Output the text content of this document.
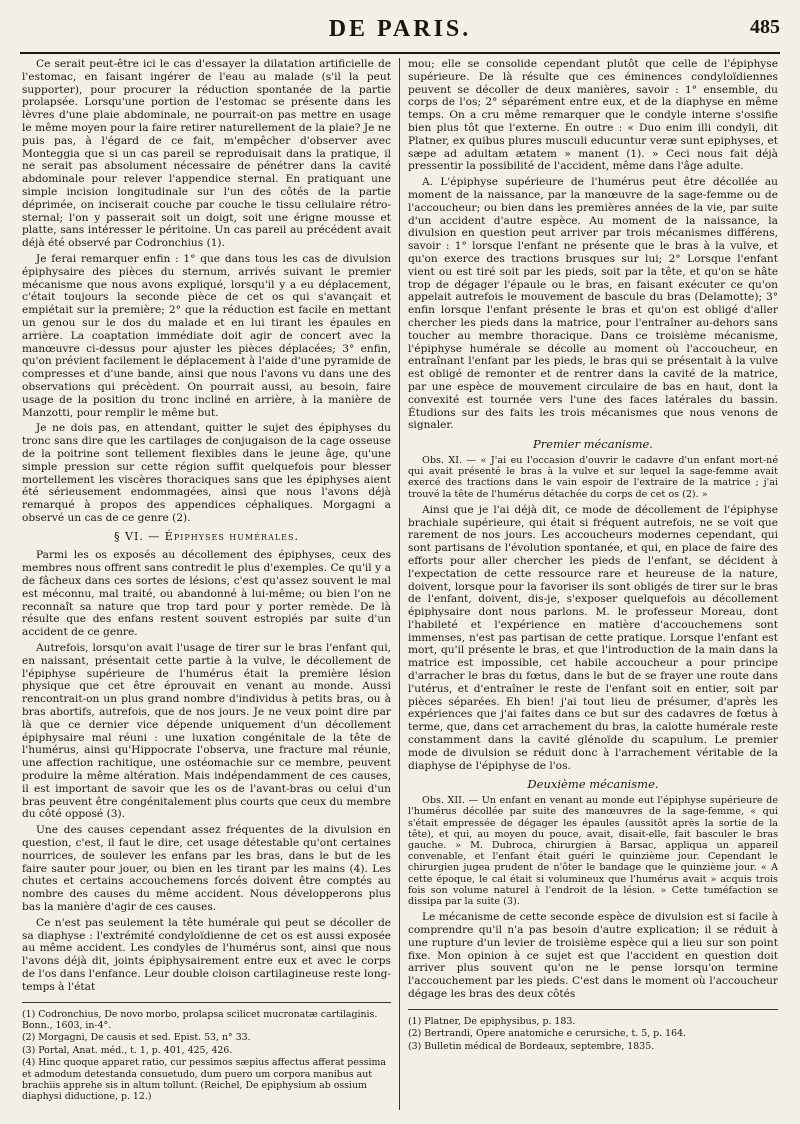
DE PARIS.	485

Ce serait peut-être ici le cas d'essayer la dilatation artificielle de l'estomac, en faisant ingérer de l'eau au malade (s'il la peut supporter), pour procurer la réduction spontanée de la partie prolapsée. Lorsqu'une portion de l'estomac se présente dans les lèvres d'une plaie abdominale, ne pourrait-on pas mettre en usage le même moyen pour la faire retirer naturellement de la plaie? Je ne puis pas, à l'égard de ce fait, m'empêcher d'observer avec Monteggia que si un cas pareil se reproduisait dans la pratique, il ne serait pas absolument nécessaire de pénétrer dans la cavité abdominale pour relever l'appendice sternal. En pratiquant une simple incision longitudinale sur l'un des côtés de la partie déprimée, on inciserait couche par couche le tissu cellulaire rétro-sternal; l'on y passerait soit un doigt, soit une érigne mousse et platte, sans intéresser le péritoine. Un cas pareil au précédent avait déjà été observé par Codronchius (1).

Je ferai remarquer enfin : 1° que dans tous les cas de divulsion épiphysaire des pièces du sternum, arrivés suivant le premier mécanisme que nous avons expliqué, lorsqu'il y a eu déplacement, c'était toujours la seconde pièce de cet os qui s'avançait et empiétait sur la première; 2° que la réduction est facile en mettant un genou sur le dos du malade et en lui tirant les épaules en arrière. La coaptation immédiate doit agir de concert avec la manœuvre ci-dessus pour ajuster les pièces déplacées; 3° enfin, qu'on prévient facilement le déplacement à l'aide d'une pyramide de compresses et d'une bande, ainsi que nous l'avons vu dans une des observations qui précèdent. On pourrait aussi, au besoin, faire usage de la position du tronc incliné en arrière, à la manière de Manzotti, pour remplir le même but.

Je ne dois pas, en attendant, quitter le sujet des épiphyses du tronc sans dire que les cartilages de conjugaison de la cage osseuse de la poitrine sont tellement flexibles dans le jeune âge, qu'une simple pression sur cette région suffit quelquefois pour blesser mortellement les viscères thoraciques sans que les épiphyses aient été sérieusement endommagées, ainsi que nous l'avons déjà remarqué à propos des appendices céphaliques. Morgagni a observé un cas de ce genre (2).

§ VI. — Épiphyses humérales.

Parmi les os exposés au décollement des épiphyses, ceux des membres nous offrent sans contredit le plus d'exemples. Ce qu'il y a de fâcheux dans ces sortes de lésions, c'est qu'assez souvent le mal est méconnu, mal traité, ou abandonné à lui-même; ou bien l'on ne reconnaît sa nature que trop tard pour y porter remède. De là résulte que des enfans restent souvent estropiés par suite d'un accident de ce genre.

Autrefois, lorsqu'on avait l'usage de tirer sur le bras l'enfant qui, en naissant, présentait cette partie à la vulve, le décollement de l'épiphyse supérieure de l'humérus était la première lésion physique que cet être éprouvait en venant au monde. Aussi rencontrait-on un plus grand nombre d'individus à petits bras, ou à bras abortifs, autrefois, que de nos jours. Je ne veux point dire par là que ce dernier vice dépende uniquement d'un décollement épiphysaire mal réuni : une luxation congénitale de la tête de l'humérus, ainsi qu'Hippocrate l'observa, une fracture mal réunie, une affection rachitique, une ostéomachie sur ce membre, peuvent produire la même altération. Mais indépendamment de ces causes, il est important de savoir que les os de l'avant-bras ou celui d'un bras peuvent être congénitalement plus courts que ceux du membre du côté opposé (3).

Une des causes cependant assez fréquentes de la divulsion en question, c'est, il faut le dire, cet usage détestable qu'ont certaines nourrices, de soulever les enfans par les bras, dans le but de les faire sauter pour jouer, ou bien en les tirant par les mains (4). Les chutes et certains accouchemens forcés doivent être comptés au nombre des causes du même accident. Nous développerons plus bas la manière d'agir de ces causes.

Ce n'est pas seulement la tête humérale qui peut se décoller de sa diaphyse : l'extrémité condyloïdienne de cet os est aussi exposée au même accident. Les condyles de l'humérus sont, ainsi que nous l'avons déjà dit, joints épiphysairement entre eux et avec le corps de l'os dans l'enfance. Leur double cloison cartilagineuse reste long-temps à l'état

(1) Codronchius, De novo morbo, prolapsa scilicet mucronatæ cartilaginis. Bonn., 1603, in-4°.
(2) Morgagni, De causis et sed. Epist. 53, n° 33.
(3) Portal, Anat. méd., t. 1, p. 401, 425, 426.
(4) Hinc quoque apparet ratio, cur pessimos sæpius affectus afferat pessima et admodum detestanda consuetudo, dum puero um corpora manibus aut brachiis apprehe sis in altum tollunt. (Reichel, De epiphysium ab ossium diaphysi diductione, p. 12.)

mou; elle se consolide cependant plutôt que celle de l'épiphyse supérieure. De là résulte que ces éminences condyloïdiennes peuvent se décoller de deux manières, savoir : 1° ensemble, du corps de l'os; 2° séparément entre eux, et de la diaphyse en même temps. On a cru même remarquer que le condyle interne s'ossifie bien plus tôt que l'externe. En outre : « Duo enim illi condyli, dit Platner, ex quibus plures musculi educuntur veræ sunt epiphyses, et sæpe ad adultam ætatem » manent (1). » Ceci nous fait déjà pressentir la possibilité de l'accident, même dans l'âge adulte.

A. L'épiphyse supérieure de l'humérus peut être décollée au moment de la naissance, par la manœuvre de la sage-femme ou de l'accoucheur; ou bien dans les premières années de la vie, par suite d'un accident d'autre espèce. Au moment de la naissance, la divulsion en question peut arriver par trois mécanismes différens, savoir : 1° lorsque l'enfant ne présente que le bras à la vulve, et qu'on exerce des tractions brusques sur lui; 2° Lorsque l'enfant vient ou est tiré soit par les pieds, soit par la tête, et qu'on se hâte trop de dégager l'épaule ou le bras, en faisant exécuter ce qu'on appelait autrefois le mouvement de bascule du bras (Delamotte); 3° enfin lorsque l'enfant présente le bras et qu'on est obligé d'aller chercher les pieds dans la matrice, pour l'entraîner au-dehors sans toucher au membre thoracique. Dans ce troisième mécanisme, l'épiphyse humérale se décolle au moment où l'accoucheur, en entraînant l'enfant par les pieds, le bras qui se présentait à la vulve est obligé de remonter et de rentrer dans la cavité de la matrice, par une espèce de mouvement circulaire de bas en haut, dont la convexité est tournée vers l'une des faces latérales du bassin. Étudions sur des faits les trois mécanismes que nous venons de signaler.

Premier mécanisme.

Obs. XI. — « J'ai eu l'occasion d'ouvrir le cadavre d'un enfant mort-né qui avait présenté le bras à la vulve et sur lequel la sage-femme avait exercé des tractions dans le vain espoir de l'extraire de la matrice ; j'ai trouvé la tête de l'humérus détachée du corps de cet os (2). »

Ainsi que je l'ai déjà dit, ce mode de décollement de l'épiphyse brachiale supérieure, qui était si fréquent autrefois, ne se voit que rarement de nos jours. Les accoucheurs modernes cependant, qui sont partisans de l'évolution spontanée, et qui, en place de faire des efforts pour aller chercher les pieds de l'enfant, se décident à l'expectation de cette ressource rare et heureuse de la nature, doivent, lorsque pour la favoriser ils sont obligés de tirer sur le bras de l'enfant, doivent, dis-je, s'exposer quelquefois au décollement épiphysaire dont nous parlons. M. le professeur Moreau, dont l'habileté et l'expérience en matière d'accouchemens sont immenses, n'est pas partisan de cette pratique. Lorsque l'enfant est mort, qu'il présente le bras, et que l'introduction de la main dans la matrice est impossible, cet habile accoucheur a pour principe d'arracher le bras du fœtus, dans le but de se frayer une route dans l'utérus, et d'entraîner le reste de l'enfant soit en entier, soit par pièces séparées. Eh bien! j'ai tout lieu de présumer, d'après les expériences que j'ai faites dans ce but sur des cadavres de fœtus à terme, que, dans cet arrachement du bras, la calotte humérale reste constamment dans la cavité glénoïde du scapulum. Le premier mode de divulsion se réduit donc à l'arrachement véritable de la diaphyse de l'épiphyse de l'os.

Deuxième mécanisme.

Obs. XII. — Un enfant en venant au monde eut l'épiphyse supérieure de l'humérus décollée par suite des manœuvres de la sage-femme, « qui s'était empressée de dégager les épaules (aussitôt après la sortie de la tête), et qui, au moyen du pouce, avait, disait-elle, fait basculer le bras gauche. » M. Dubroca, chirurgien à Barsac, appliqua un appareil convenable, et l'enfant était guéri le quinzième jour. Cependant le chirurgien jugea prudent de n'ôter le bandage que le quinzième jour. « A cette époque, le cal était si volumineux que l'humérus avait » acquis trois fois son volume naturel à l'endroit de la lésion. » Cette tuméfaction se dissipa par la suite (3).

Le mécanisme de cette seconde espèce de divulsion est si facile à comprendre qu'il n'a pas besoin d'autre explication; il se réduit à une rupture d'un levier de troisième espèce qui a lieu sur son point fixe. Mon opinion à ce sujet est que l'accident en question doit arriver plus souvent qu'on ne le pense lorsqu'on termine l'accouchement par les pieds. C'est dans le moment où l'accoucheur dégage les bras des deux côtés

(1) Platner, De epiphysibus, p. 183.
(2) Bertrandi, Opere anatomiche e cerursiche, t. 5, p. 164.
(3) Bulletin médical de Bordeaux, septembre, 1835.
